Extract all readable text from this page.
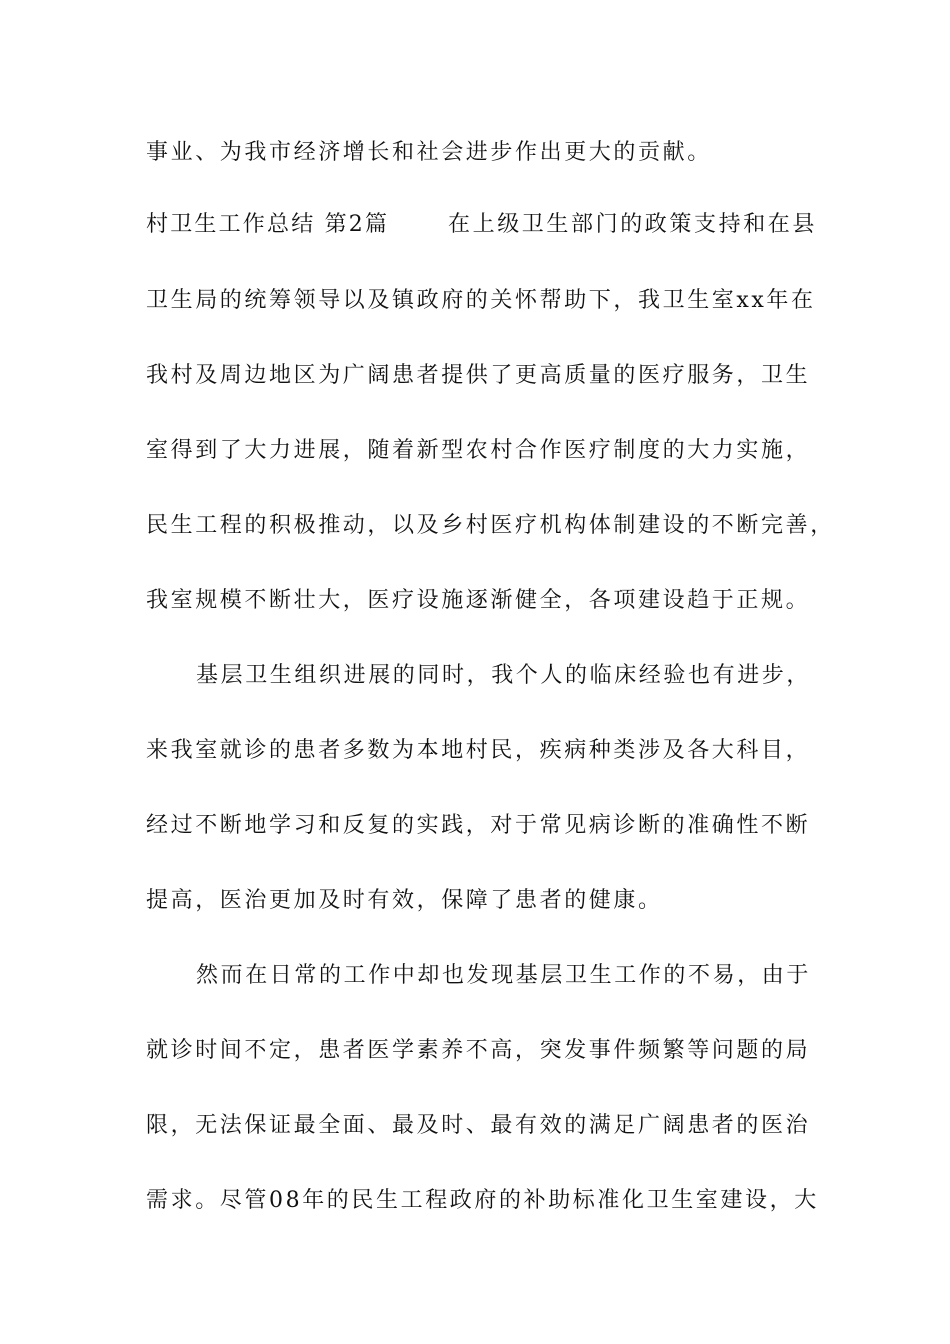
事业、为我市经济增长和社会进步作出更大的贡献。
村卫生工作总结 第2篇	在上级卫生部门的政策支持和在县
卫生局的统筹领导以及镇政府的关怀帮助下，我卫生室xx年在
我村及周边地区为广阔患者提供了更高质量的医疗服务，卫生
室得到了大力进展，随着新型农村合作医疗制度的大力实施，
民生工程的积极推动，以及乡村医疗机构体制建设的不断完善，
我室规模不断壮大，医疗设施逐渐健全，各项建设趋于正规。
基层卫生组织进展的同时，我个人的临床经验也有进步，
来我室就诊的患者多数为本地村民，疾病种类涉及各大科目，
经过不断地学习和反复的实践，对于常见病诊断的准确性不断
提高，医治更加及时有效，保障了患者的健康。
然而在日常的工作中却也发现基层卫生工作的不易，由于
就诊时间不定，患者医学素养不高，突发事件频繁等问题的局
限，无法保证最全面、最及时、最有效的满足广阔患者的医治
需求。尽管08年的民生工程政府的补助标准化卫生室建设，大
